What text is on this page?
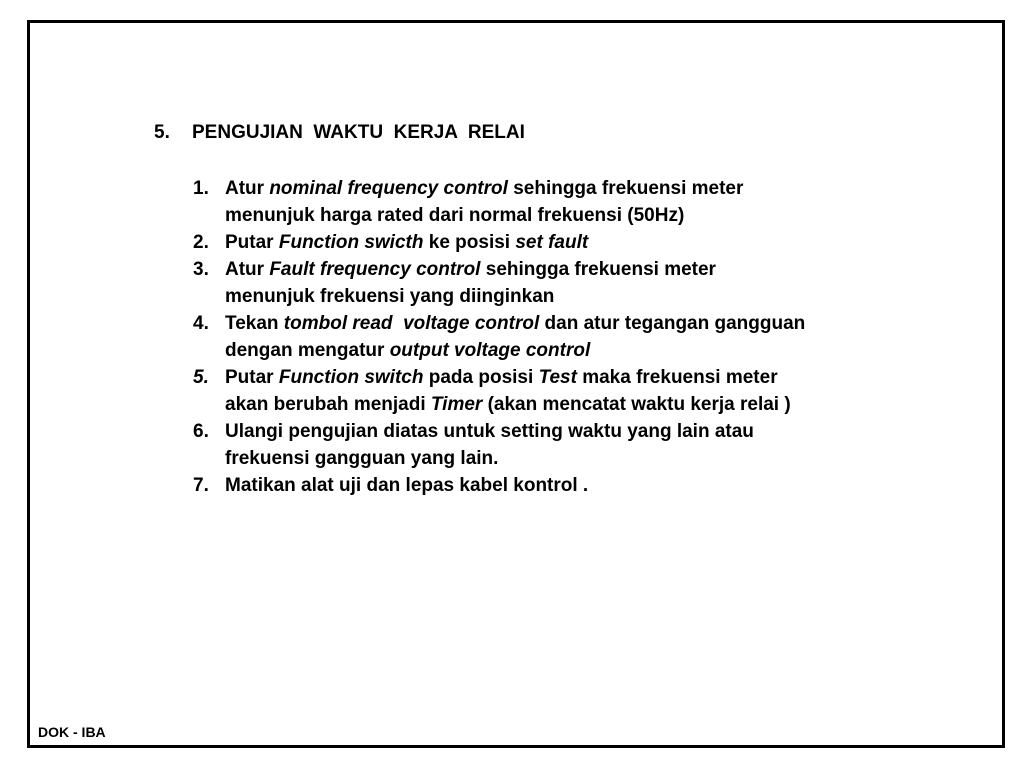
5. PENGUJIAN  WAKTU  KERJA  RELAI
1. Atur nominal frequency control sehingga frekuensi meter
menunjuk harga rated dari normal frekuensi (50Hz)
2. Putar Function swicth ke posisi set fault
3. Atur Fault frequency control sehingga frekuensi meter
menunjuk frekuensi yang diinginkan
4. Tekan tombol read  voltage control dan atur tegangan gangguan
dengan mengatur output voltage control
5. Putar Function switch pada posisi Test maka frekuensi meter
akan berubah menjadi Timer (akan mencatat waktu kerja relai )
6. Ulangi pengujian diatas untuk setting waktu yang lain atau
frekuensi gangguan yang lain.
7. Matikan alat uji dan lepas kabel kontrol .
DOK - IBA
